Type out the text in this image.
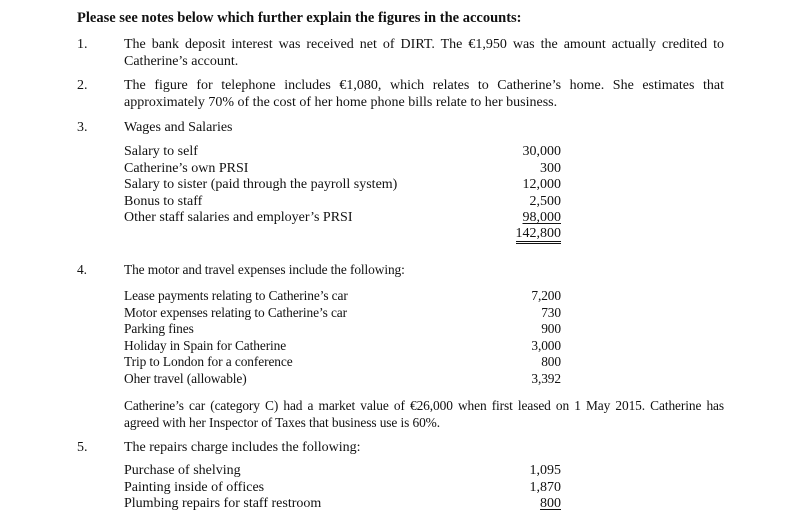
Please see notes below which further explain the figures in the accounts:
1.	The bank deposit interest was received net of DIRT. The €1,950 was the amount actually credited to Catherine’s account.
2.	The figure for telephone includes €1,080, which relates to Catherine’s home. She estimates that approximately 70% of the cost of her home phone bills relate to her business.
3.	Wages and Salaries
Salary to self	30,000
Catherine’s own PRSI	300
Salary to sister (paid through the payroll system)	12,000
Bonus to staff	2,500
Other staff salaries and employer’s PRSI	98,000
142,800
4.	The motor and travel expenses include the following:
Lease payments relating to Catherine’s car	7,200
Motor expenses relating to Catherine’s car	730
Parking fines	900
Holiday in Spain for Catherine	3,000
Trip to London for a conference	800
Oher travel (allowable)	3,392
Catherine’s car (category C) had a market value of €26,000 when first leased on 1 May 2015. Catherine has agreed with her Inspector of Taxes that business use is 60%.
5.	The repairs charge includes the following:
Purchase of shelving	1,095
Painting inside of offices	1,870
Plumbing repairs for staff restroom	800
